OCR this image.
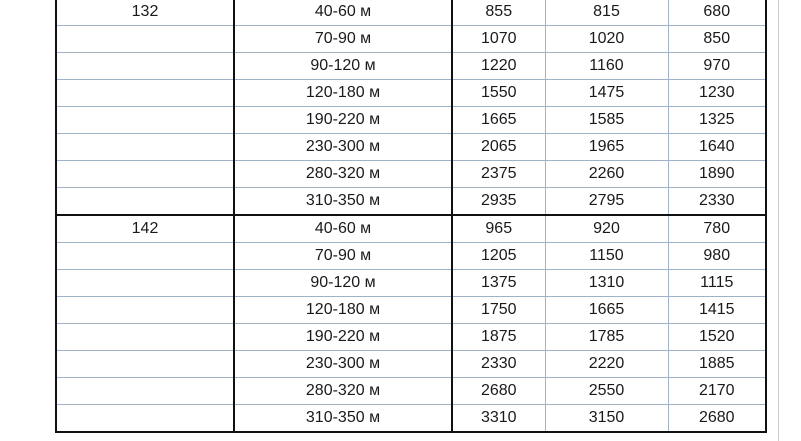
132	40-60 м	855	815	680
	70-90 м	1070	1020	850
	90-120 м	1220	1160	970
	120-180 м	1550	1475	1230
	190-220 м	1665	1585	1325
	230-300 м	2065	1965	1640
	280-320 м	2375	2260	1890
	310-350 м	2935	2795	2330
142	40-60 м	965	920	780
	70-90 м	1205	1150	980
	90-120 м	1375	1310	1115
	120-180 м	1750	1665	1415
	190-220 м	1875	1785	1520
	230-300 м	2330	2220	1885
	280-320 м	2680	2550	2170
	310-350 м	3310	3150	2680
